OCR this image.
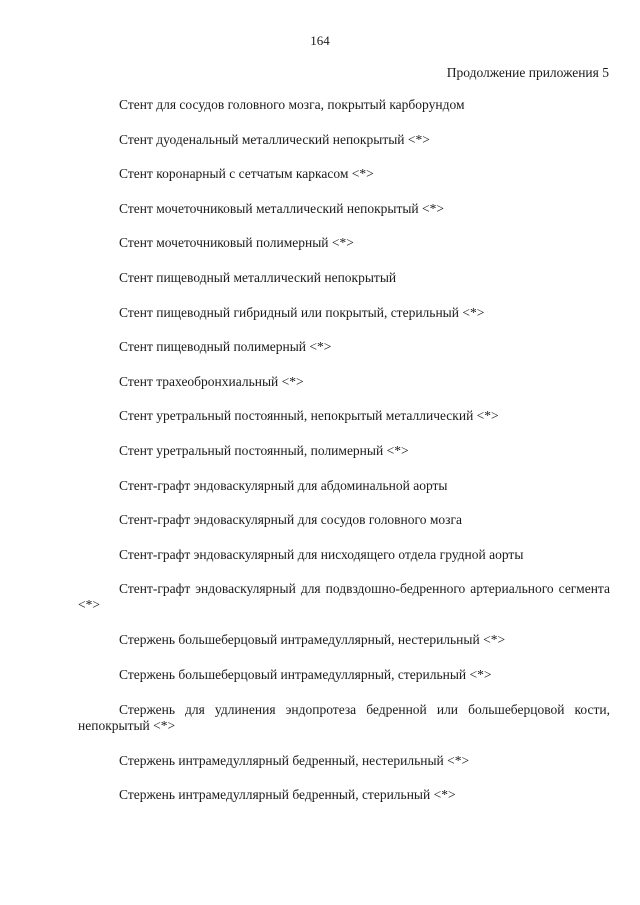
164
Продолжение приложения 5
Стент для сосудов головного мозга, покрытый карборундом
Стент дуоденальный металлический непокрытый <*>
Стент коронарный с сетчатым каркасом <*>
Стент мочеточниковый металлический непокрытый <*>
Стент мочеточниковый полимерный <*>
Стент пищеводный металлический непокрытый
Стент пищеводный гибридный или покрытый, стерильный <*>
Стент пищеводный полимерный <*>
Стент трахеобронхиальный <*>
Стент уретральный постоянный, непокрытый металлический <*>
Стент уретральный постоянный, полимерный <*>
Стент-графт эндоваскулярный для абдоминальной аорты
Стент-графт эндоваскулярный для сосудов головного мозга
Стент-графт эндоваскулярный для нисходящего отдела грудной аорты
Стент-графт эндоваскулярный для подвздошно-бедренного артериального сегмента <*>
Стержень большеберцовый интрамедуллярный, нестерильный <*>
Стержень большеберцовый интрамедуллярный, стерильный <*>
Стержень для удлинения эндопротеза бедренной или большеберцовой кости, непокрытый <*>
Стержень интрамедуллярный бедренный, нестерильный <*>
Стержень интрамедуллярный бедренный, стерильный <*>
